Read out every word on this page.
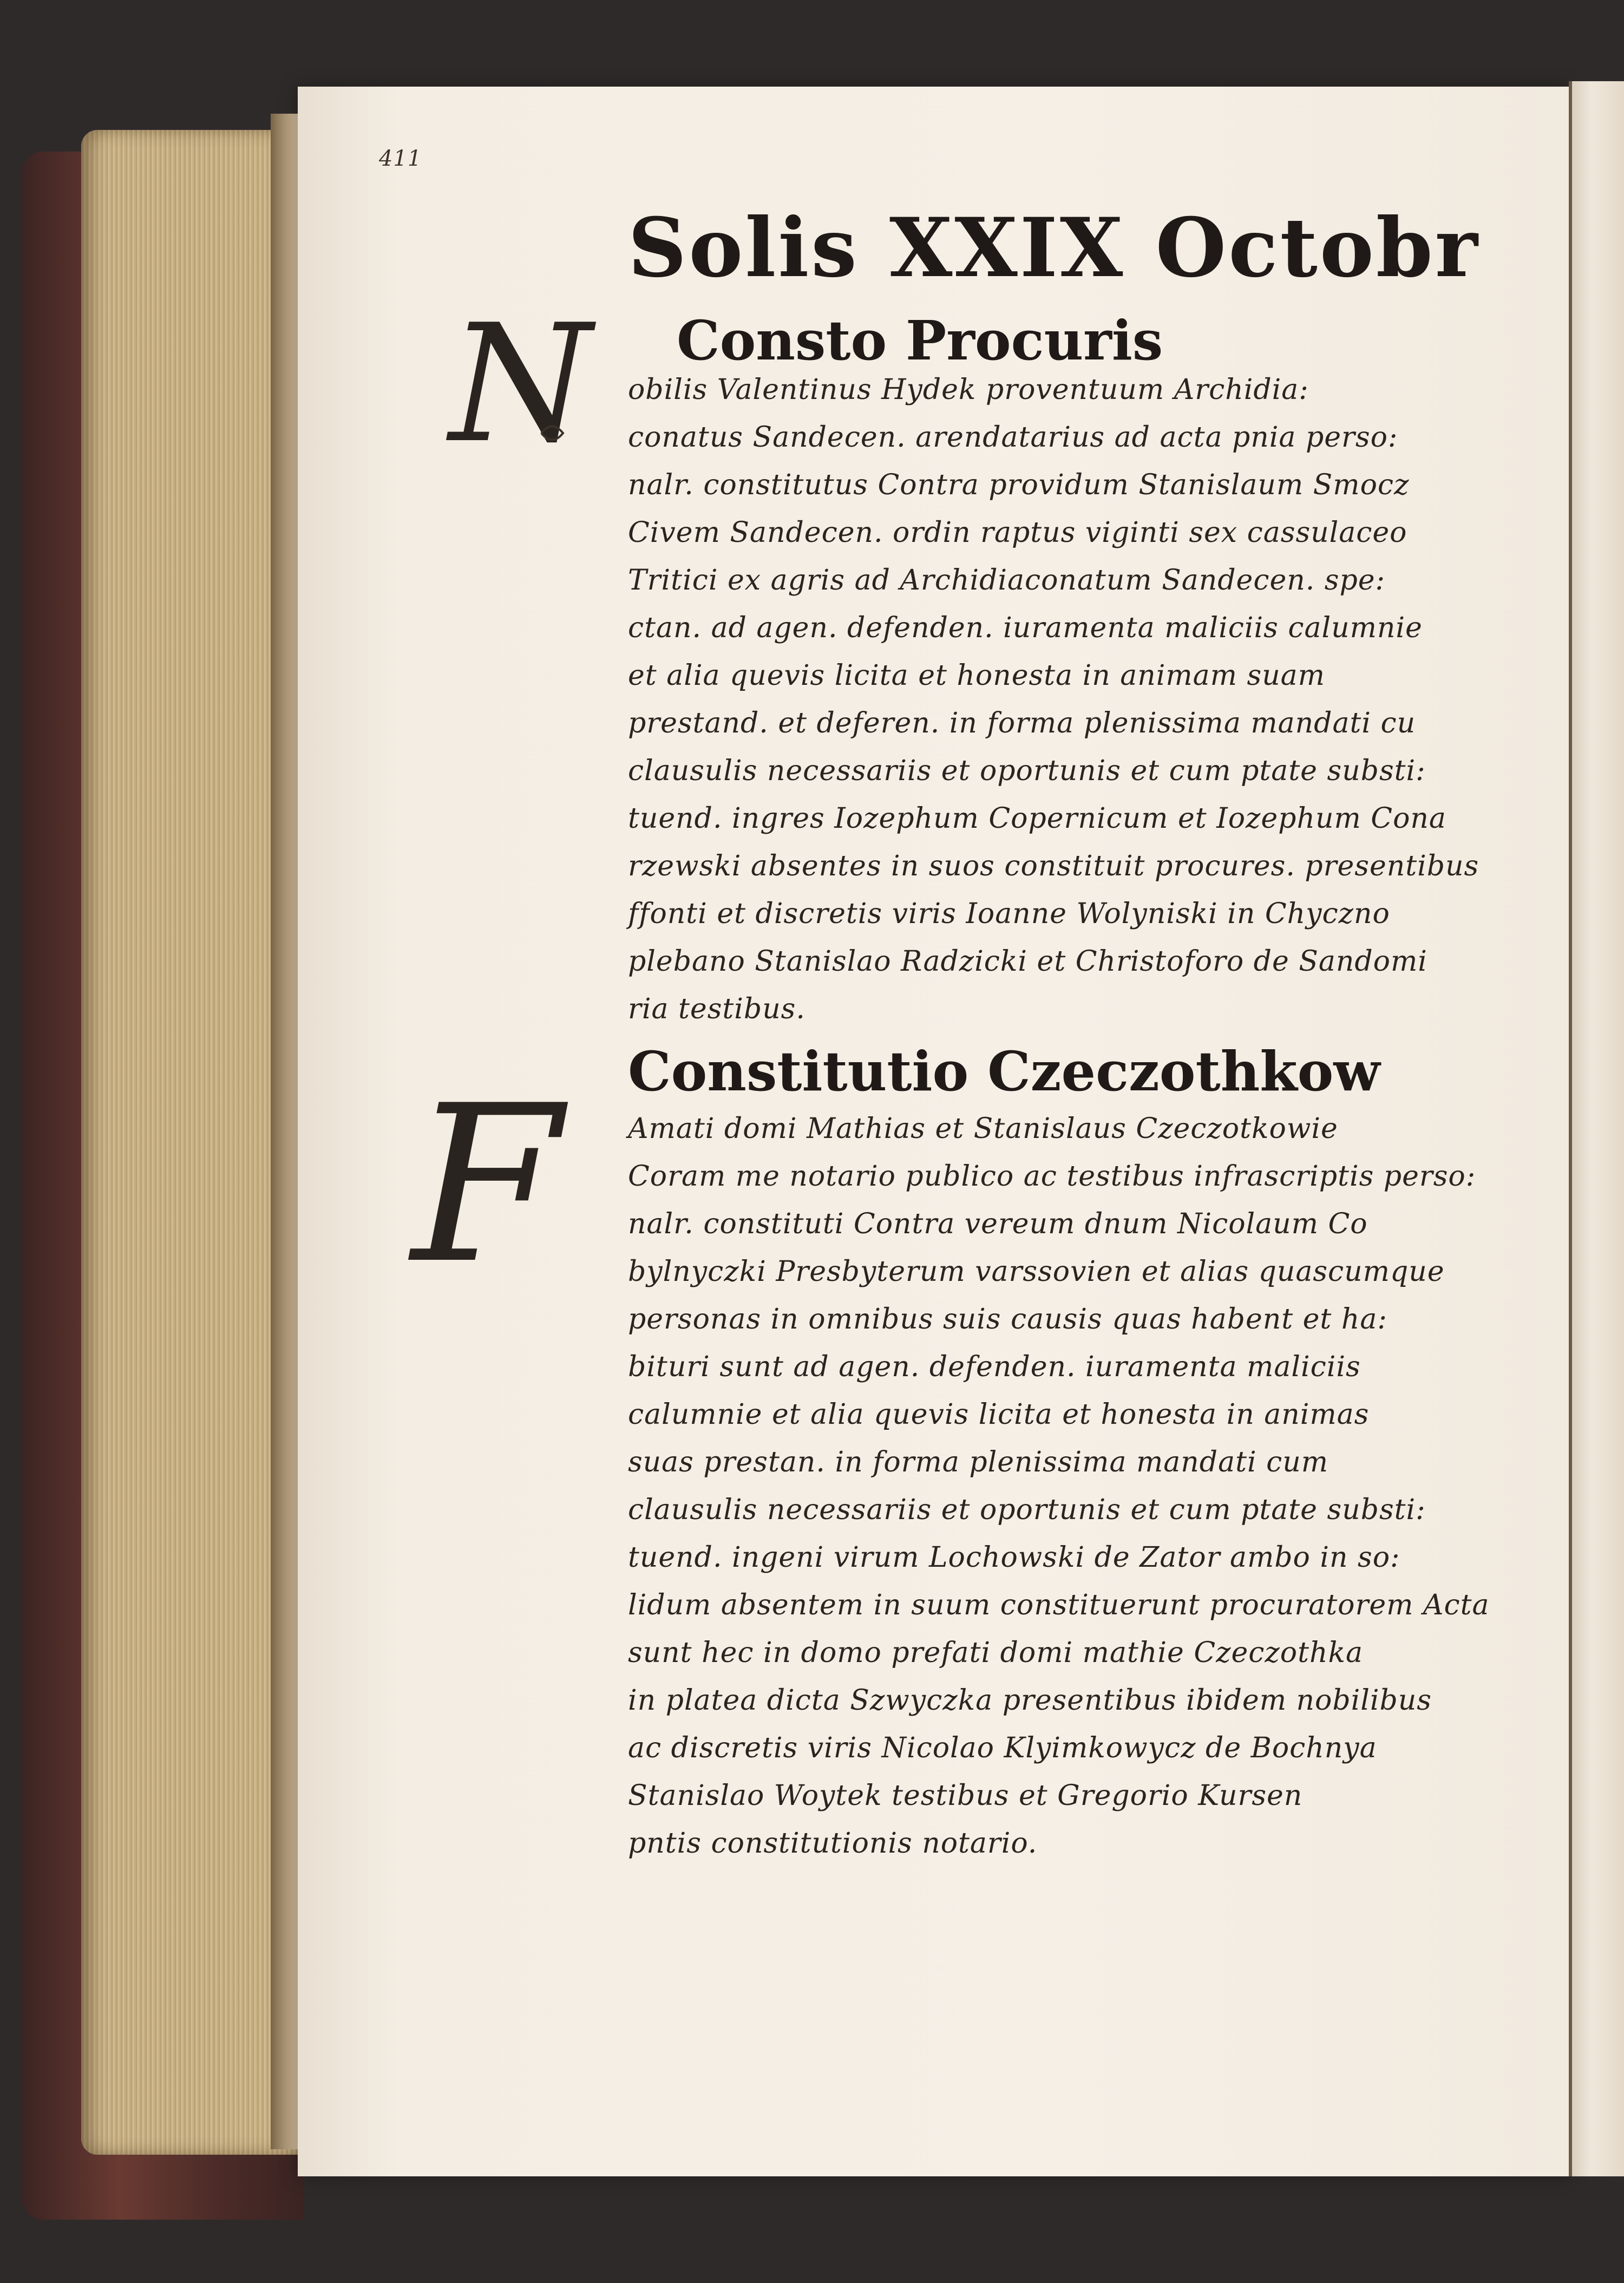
411
Solis XXIX Octobr
N Consto Procuris

obilis Valentinus Hydek proventuum Archidia:

conatus Sandecen. arendatarius ad acta pnia perso:

nalr. constitutus Contra providum Stanislaum Smocz

Civem Sandecen. ordin raptus viginti sex cassulaceo

Tritici ex agris ad Archidiaconatum Sandecen. spe:

ctan. ad agen. defenden. iuramenta maliciis calumnie

et alia quevis licita et honesta in animam suam

prestand. et deferen. in forma plenissima mandati cu

clausulis necessariis et oportunis et cum ptate substi:

tuend. ingres Iozephum Copernicum et Iozephum Cona

rzewski absentes in suos constituit procures. presentibus

ffonti et discretis viris Ioanne Wolyniski in Chyczno

plebano Stanislao Radzicki et Christoforo de Sandomi

ria testibus.

F Constitutio Czeczothkow

Amati domi Mathias et Stanislaus Czeczotkowie

Coram me notario publico ac testibus infrascriptis perso:

nalr. constituti Contra vereum dnum Nicolaum Co

bylnyczki Presbyterum varssovien et alias quascumque

personas in omnibus suis causis quas habent et ha:

bituri sunt ad agen. defenden. iuramenta maliciis

calumnie et alia quevis licita et honesta in animas

suas prestan. in forma plenissima mandati cum

clausulis necessariis et oportunis et cum ptate substi:

tuend. ingeni virum Lochowski de Zator ambo in so:

lidum absentem in suum constituerunt procuratorem Acta

sunt hec in domo prefati domi mathie Czeczothka

in platea dicta Szwyczka presentibus ibidem nobilibus

ac discretis viris Nicolao Klyimkowycz de Bochnya

Stanislao Woytek testibus et Gregorio Kursen

pntis constitutionis notario.
